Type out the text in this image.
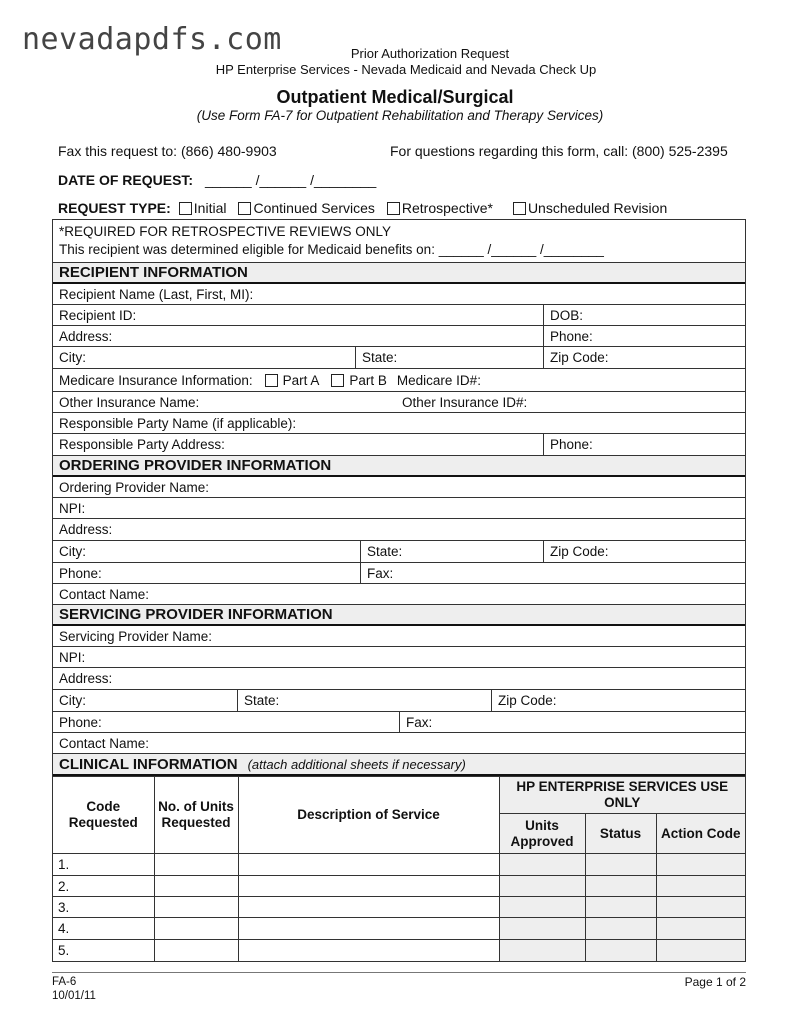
nevadapdfs.com	Prior Authorization Request
HP Enterprise Services - Nevada Medicaid and Nevada Check Up
Outpatient Medical/Surgical
(Use Form FA-7 for Outpatient Rehabilitation and Therapy Services)
Fax this request to: (866) 480-9903	For questions regarding this form, call: (800) 525-2395
DATE OF REQUEST: ______ /______ /________
REQUEST TYPE: Initial Continued Services Retrospective*	Unscheduled Revision
*REQUIRED FOR RETROSPECTIVE REVIEWS ONLY
This recipient was determined eligible for Medicaid benefits on: ______ /______ /________
RECIPIENT INFORMATION
Recipient Name (Last, First, MI):
Recipient ID:	DOB:
Address:	Phone:
City:	State:	Zip Code:
Medicare Insurance Information: Part A Part B Medicare ID#:
Other Insurance Name:	Other Insurance ID#:
Responsible Party Name (if applicable):
Responsible Party Address:	Phone:
ORDERING PROVIDER INFORMATION
Ordering Provider Name:
NPI:
Address:
City:	State:	Zip Code:
Phone:	Fax:
Contact Name:
SERVICING PROVIDER INFORMATION
Servicing Provider Name:
NPI:
Address:
City:	State:	Zip Code:
Phone:	Fax:
Contact Name:
CLINICAL INFORMATION (attach additional sheets if necessary)
Code Requested	No. of Units Requested	Description of Service	HP ENTERPRISE SERVICES USE ONLY		
			Units Approved	Status	Action Code
1.					
2.					
3.					
4.					
5.					
FA-6
10/01/11
Page 1 of 2
